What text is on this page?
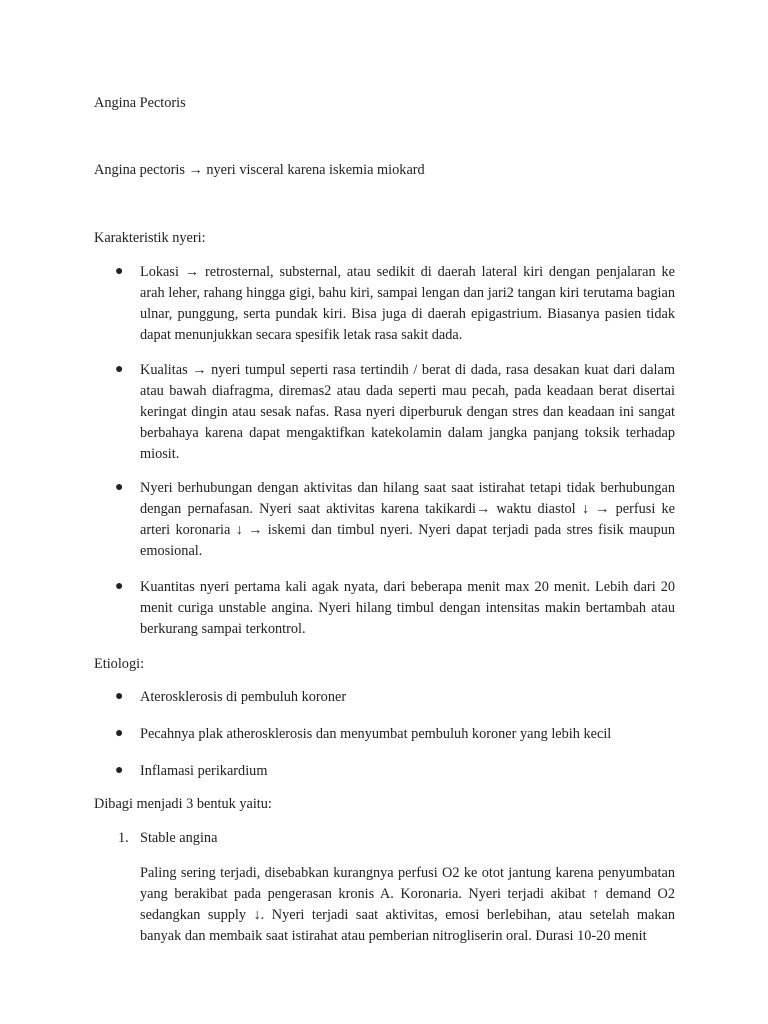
Angina Pectoris
Angina pectoris → nyeri visceral karena iskemia miokard
Karakteristik nyeri:
● Lokasi → retrosternal, substernal, atau sedikit di daerah lateral kiri dengan penjalaran ke arah leher, rahang hingga gigi, bahu kiri, sampai lengan dan jari2 tangan kiri terutama bagian ulnar, punggung, serta pundak kiri. Bisa juga di daerah epigastrium. Biasanya pasien tidak dapat menunjukkan secara spesifik letak rasa sakit dada.
● Kualitas → nyeri tumpul seperti rasa tertindih / berat di dada, rasa desakan kuat dari dalam atau bawah diafragma, diremas2 atau dada seperti mau pecah, pada keadaan berat disertai keringat dingin atau sesak nafas. Rasa nyeri diperburuk dengan stres dan keadaan ini sangat berbahaya karena dapat mengaktifkan katekolamin dalam jangka panjang toksik terhadap miosit.
● Nyeri berhubungan dengan aktivitas dan hilang saat saat istirahat tetapi tidak berhubungan dengan pernafasan. Nyeri saat aktivitas karena takikardi→ waktu diastol ↓ → perfusi ke arteri koronaria ↓ → iskemi dan timbul nyeri. Nyeri dapat terjadi pada stres fisik maupun emosional.
● Kuantitas nyeri pertama kali agak nyata, dari beberapa menit max 20 menit. Lebih dari 20 menit curiga unstable angina. Nyeri hilang timbul dengan intensitas makin bertambah atau berkurang sampai terkontrol.
Etiologi:
● Aterosklerosis di pembuluh koroner
● Pecahnya plak atherosklerosis dan menyumbat pembuluh koroner yang lebih kecil
● Inflamasi perikardium
Dibagi menjadi 3 bentuk yaitu:
1. Stable angina
Paling sering terjadi, disebabkan kurangnya perfusi O2 ke otot jantung karena penyumbatan yang berakibat pada pengerasan kronis A. Koronaria. Nyeri terjadi akibat ↑ demand O2 sedangkan supply ↓. Nyeri terjadi saat aktivitas, emosi berlebihan, atau setelah makan banyak dan membaik saat istirahat atau pemberian nitrogliserin oral. Durasi 10-20 menit
